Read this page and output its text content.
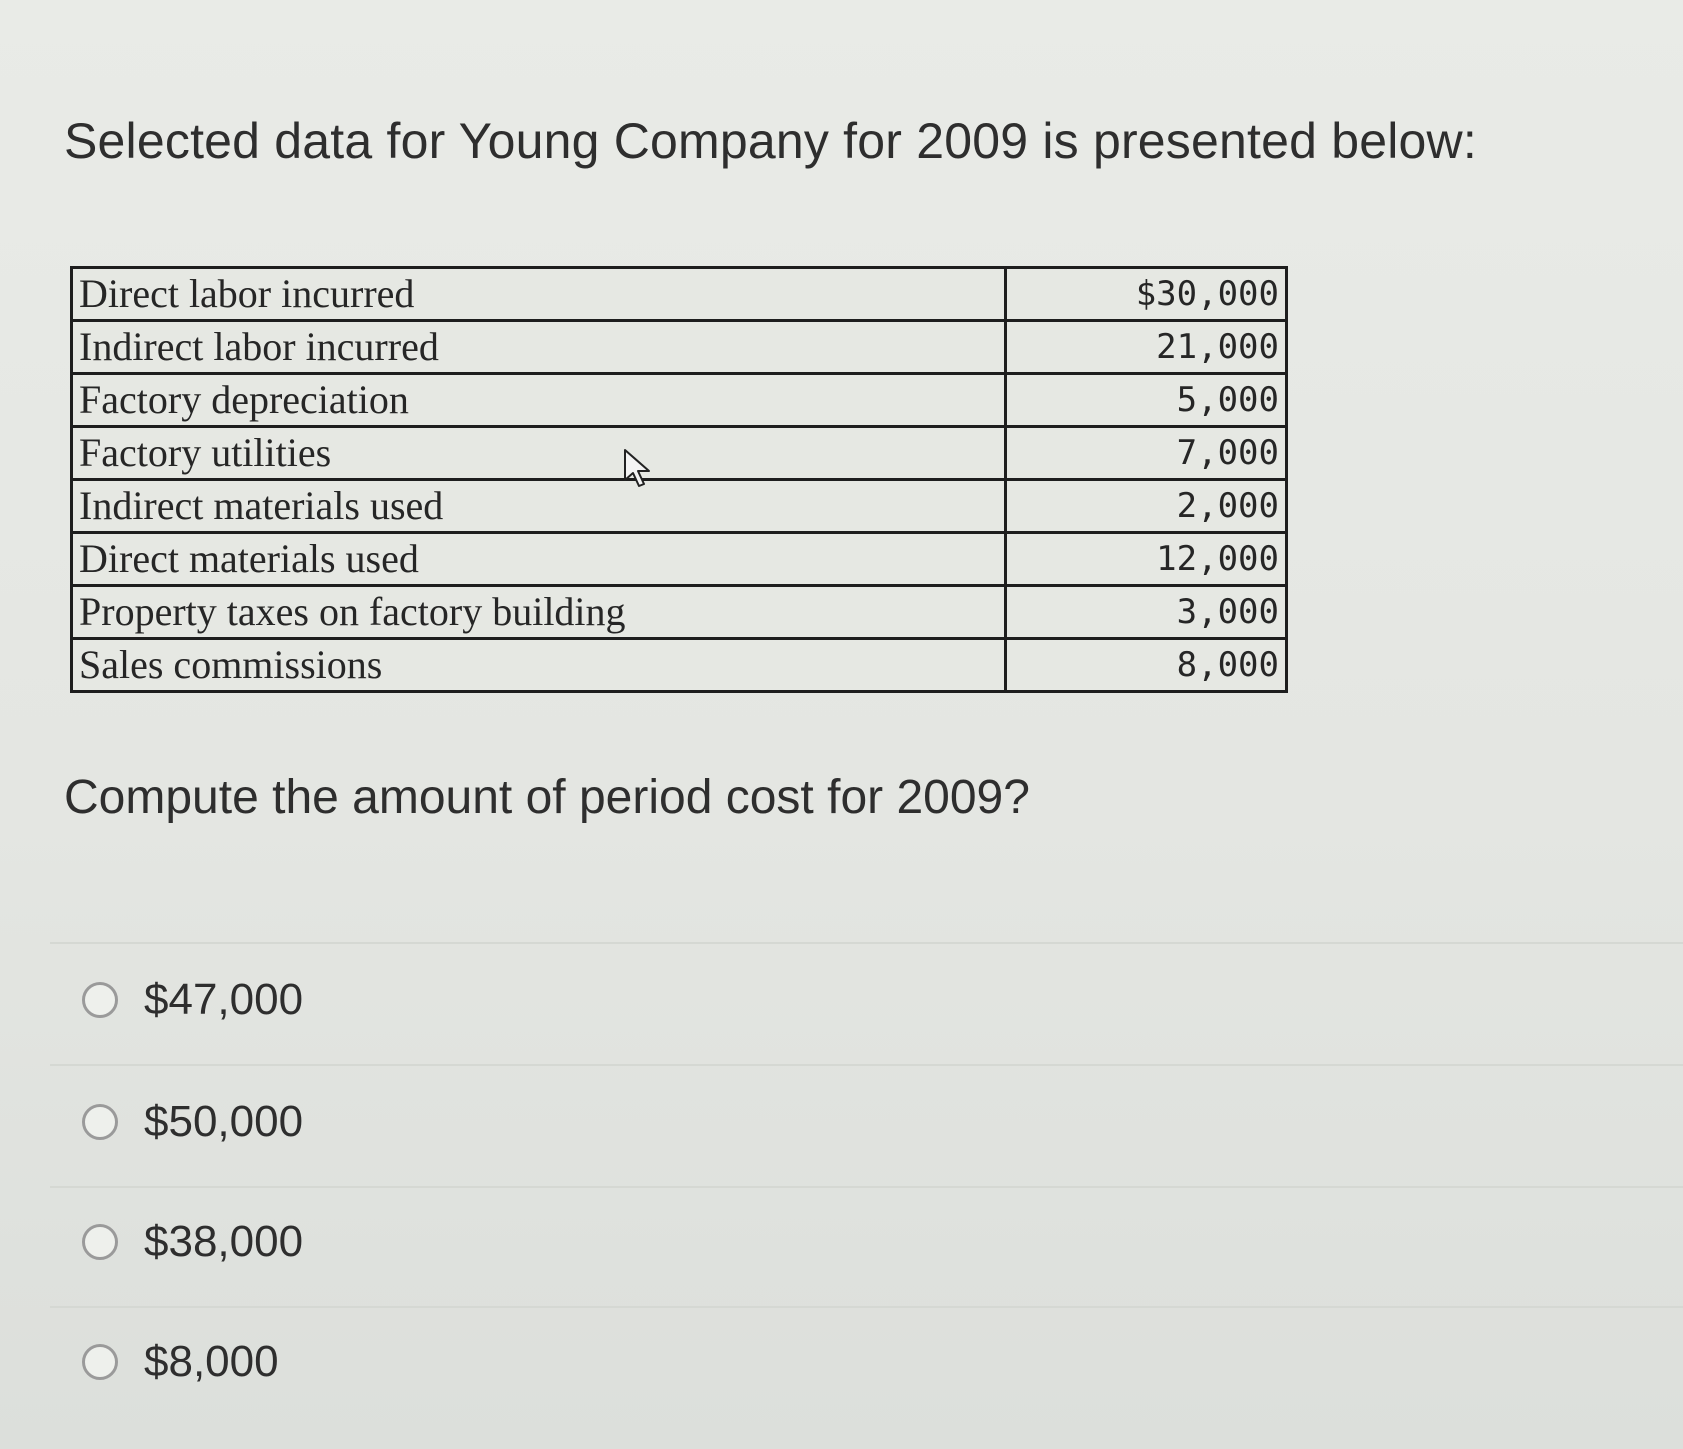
Selected data for Young Company for 2009 is presented below:
Direct labor incurred	$30,000
Indirect labor incurred	21,000
Factory depreciation	5,000
Factory utilities	7,000
Indirect materials used	2,000
Direct materials used	12,000
Property taxes on factory building	3,000
Sales commissions	8,000
Compute the amount of period cost for 2009?
$47,000
$50,000
$38,000
$8,000
